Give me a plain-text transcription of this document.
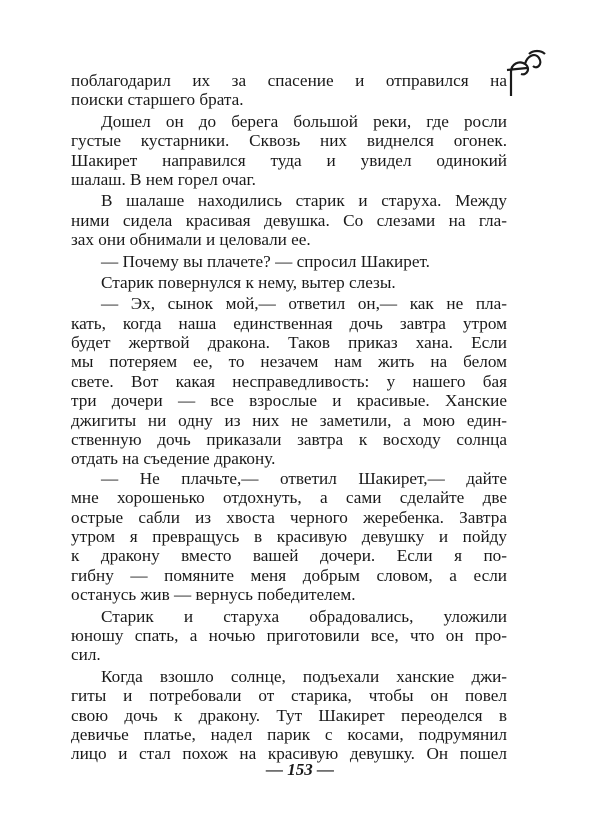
поблагодарил их за спасение и отправился на
поиски старшего брата.
Дошел он до берега большой реки, где росли
густые кустарники. Сквозь них виднелся огонек.
Шакирет направился туда и увидел одинокий
шалаш. В нем горел очаг.
В шалаше находились старик и старуха. Между
ними сидела красивая девушка. Со слезами на гла-
зах они обнимали и целовали ее.
— Почему вы плачете? — спросил Шакирет.
Старик повернулся к нему, вытер слезы.
— Эх, сынок мой,— ответил он,— как не пла-
кать, когда наша единственная дочь завтра утром
будет жертвой дракона. Таков приказ хана. Если
мы потеряем ее, то незачем нам жить на белом
свете. Вот какая несправедливость: у нашего бая
три дочери — все взрослые и красивые. Ханские
джигиты ни одну из них не заметили, а мою един-
ственную дочь приказали завтра к восходу солнца
отдать на съедение дракону.
— Не плачьте,— ответил Шакирет,— дайте
мне хорошенько отдохнуть, а сами сделайте две
острые сабли из хвоста черного жеребенка. Завтра
утром я превращусь в красивую девушку и пойду
к дракону вместо вашей дочери. Если я по-
гибну — помяните меня добрым словом, а если
останусь жив — вернусь победителем.
Старик и старуха обрадовались, уложили
юношу спать, а ночью приготовили все, что он про-
сил.
Когда взошло солнце, подъехали ханские джи-
гиты и потребовали от старика, чтобы он повел
свою дочь к дракону. Тут Шакирет переоделся в
девичье платье, надел парик с косами, подрумянил
лицо и стал похож на красивую девушку. Он пошел
— 153 —
